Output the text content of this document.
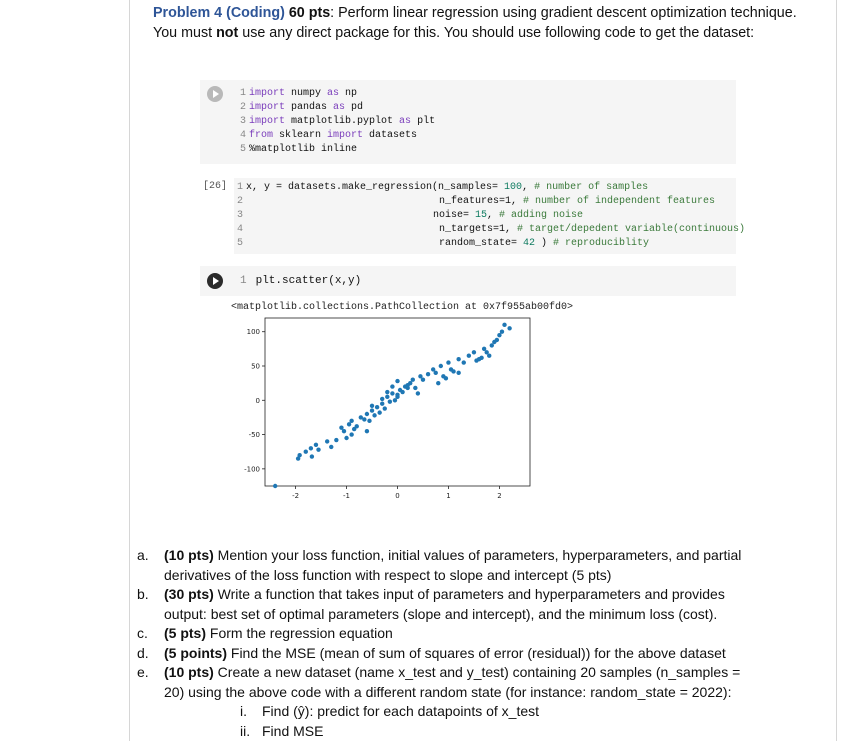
Problem 4 (Coding) 60 pts: Perform linear regression using gradient descent optimization technique. You must not use any direct package for this. You should use following code to get the dataset:
1 import numpy as np
2 import pandas as pd
3 import matplotlib.pyplot as plt
4 from sklearn import datasets
5 %matplotlib inline
[26] 1 x, y = datasets.make_regression(n_samples= 100, # number of samples
2
3
4
5
n_features=1, # number of independent features
noise= 15, # adding noise
n_targets=1, # target/depedent variable(continuous)
random_state= 42 ) # reproduciblity
1 plt.scatter(x,y)
<matplotlib.collections.PathCollection at 0x7f955ab00fd0>
-2	-1	0	1	2
100
50
0
-50
-100
a. (10 pts) Mention your loss function, initial values of parameters, hyperparameters, and partial derivatives of the loss function with respect to slope and intercept (5 pts)
b. (30 pts) Write a function that takes input of parameters and hyperparameters and provides output: best set of optimal parameters (slope and intercept), and the minimum loss (cost).
c. (5 pts) Form the regression equation
d. (5 points) Find the MSE (mean of sum of squares of error (residual)) for the above dataset
e. (10 pts) Create a new dataset (name x_test and y_test) containing 20 samples (n_samples = 20) using the above code with a different random state (for instance: random_state = 2022):
i. Find (ŷ): predict for each datapoints of x_test
ii. Find MSE
